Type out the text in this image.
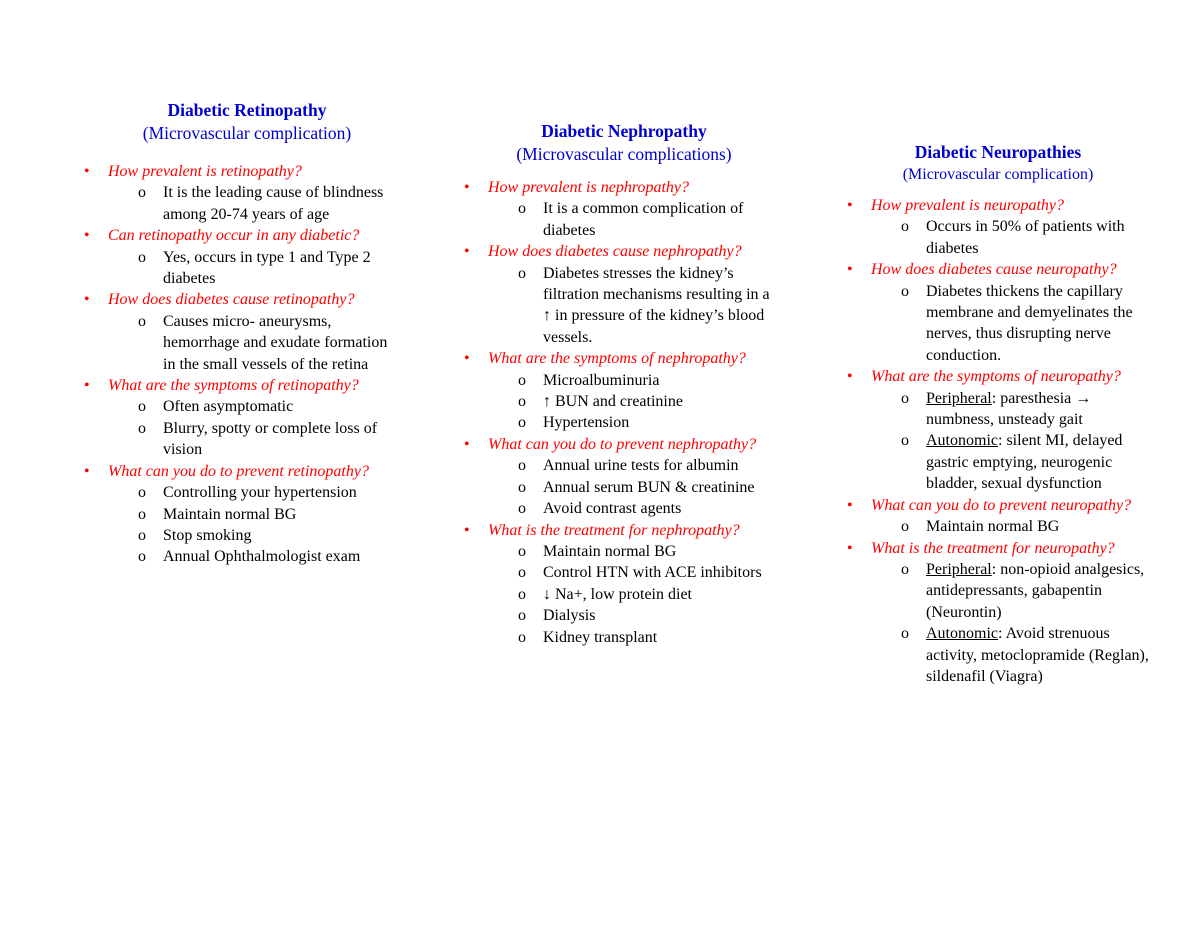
Diabetic Retinopathy
(Microvascular complication)
• How prevalent is retinopathy?
o It is the leading cause of blindness among 20-74 years of age
• Can retinopathy occur in any diabetic?
o Yes, occurs in type 1 and Type 2 diabetes
• How does diabetes cause retinopathy?
o Causes micro- aneurysms, hemorrhage and exudate formation in the small vessels of the retina
• What are the symptoms of retinopathy?
o Often asymptomatic
o Blurry, spotty or complete loss of vision
• What can you do to prevent retinopathy?
o Controlling your hypertension
o Maintain normal BG
o Stop smoking
o Annual Ophthalmologist exam
Diabetic Nephropathy
(Microvascular complications)
• How prevalent is nephropathy?
o It is a common complication of diabetes
• How does diabetes cause nephropathy?
o Diabetes stresses the kidney’s filtration mechanisms resulting in a ↑ in pressure of the kidney’s blood vessels.
• What are the symptoms of nephropathy?
o Microalbuminuria
o ↑ BUN and creatinine
o Hypertension
• What can you do to prevent nephropathy?
o Annual urine tests for albumin
o Annual serum BUN & creatinine
o Avoid contrast agents
• What is the treatment for nephropathy?
o Maintain normal BG
o Control HTN with ACE inhibitors
o ↓ Na+, low protein diet
o Dialysis
o Kidney transplant
Diabetic Neuropathies
(Microvascular complication)
• How prevalent is neuropathy?
o Occurs in 50% of patients with diabetes
• How does diabetes cause neuropathy?
o Diabetes thickens the capillary membrane and demyelinates the nerves, thus disrupting nerve conduction.
• What are the symptoms of neuropathy?
o Peripheral: paresthesia → numbness, unsteady gait
o Autonomic: silent MI, delayed gastric emptying, neurogenic bladder, sexual dysfunction
• What can you do to prevent neuropathy?
o Maintain normal BG
• What is the treatment for neuropathy?
o Peripheral: non-opioid analgesics, antidepressants, gabapentin (Neurontin)
o Autonomic: Avoid strenuous activity, metoclopramide (Reglan), sildenafil (Viagra)
